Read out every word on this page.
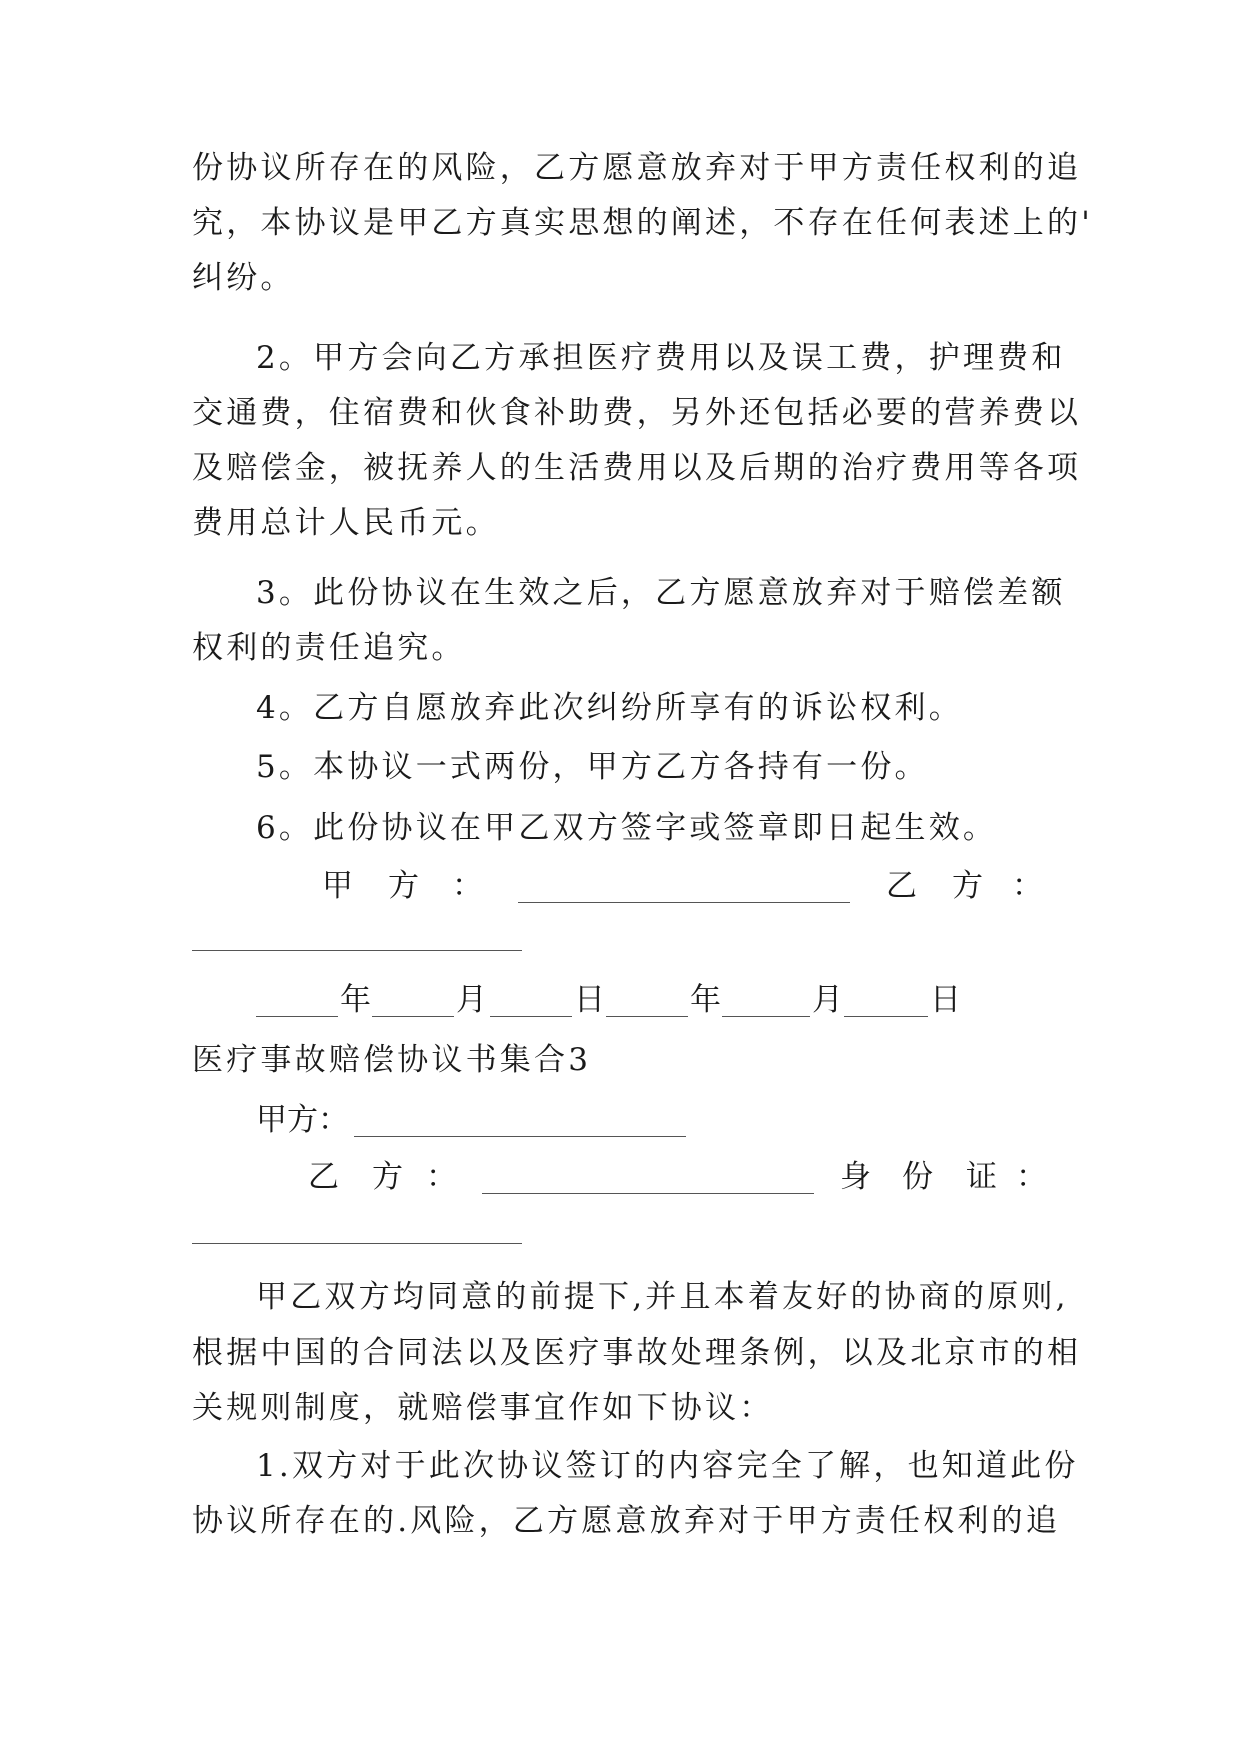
份协议所存在的风险，乙方愿意放弃对于甲方责任权利的追
究，本协议是甲乙方真实思想的阐述，不存在任何表述上的'
纠纷。
2。甲方会向乙方承担医疗费用以及误工费，护理费和
交通费，住宿费和伙食补助费，另外还包括必要的营养费以
及赔偿金，被抚养人的生活费用以及后期的治疗费用等各项
费用总计人民币元。
3。此份协议在生效之后，乙方愿意放弃对于赔偿差额
权利的责任追究。
4。乙方自愿放弃此次纠纷所享有的诉讼权利。
5。本协议一式两份，甲方乙方各持有一份。
6。此份协议在甲乙双方签字或签章即日起生效。
甲 方 ：	乙 方 ：
年	月	日	年	月	日
医疗事故赔偿协议书集合3
甲方：
乙 方 ：	身 份 证 ：
甲乙双方均同意的前提下,并且本着友好的协商的原则,
根据中国的合同法以及医疗事故处理条例，以及北京市的相
关规则制度，就赔偿事宜作如下协议：
1.双方对于此次协议签订的内容完全了解，也知道此份
协议所存在的.风险，乙方愿意放弃对于甲方责任权利的追
